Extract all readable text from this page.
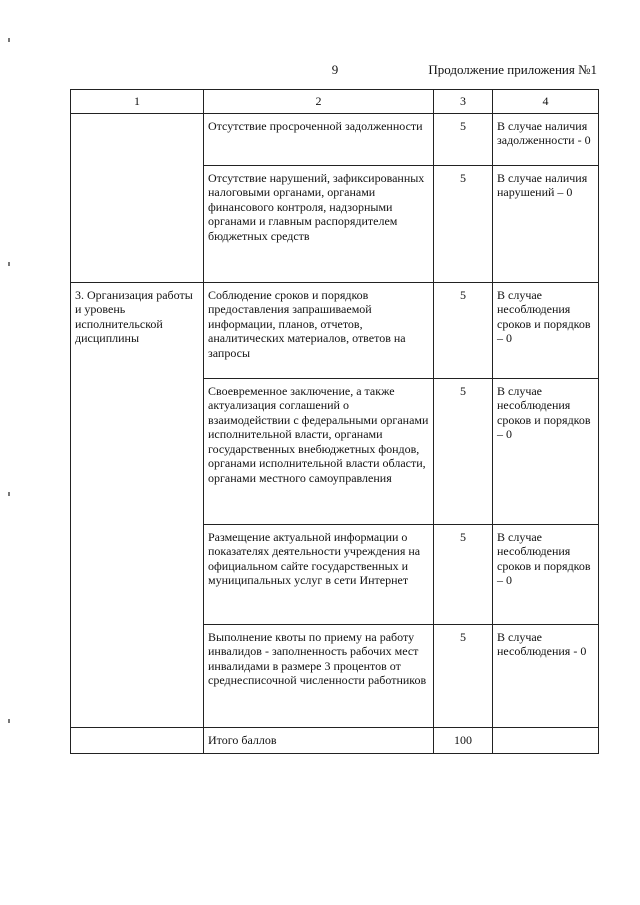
9	Продолжение приложения №1
1	2	3	4
	Отсутствие просроченной задолженности	5	В случае наличия задолженности - 0
	Отсутствие нарушений, зафиксированных налоговыми органами, органами финансового контроля, надзорными органами и главным распорядителем бюджетных средств	5	В случае наличия нарушений – 0
3. Организация работы и уровень исполнительской дисциплины	Соблюдение сроков и порядков предоставления запрашиваемой информации, планов, отчетов, аналитических материалов, ответов на запросы	5	В случае несоблюдения сроков и порядков – 0
	Своевременное заключение, а также актуализация соглашений о взаимодействии с федеральными органами исполнительной власти, органами государственных внебюджетных фондов, органами исполнительной власти области, органами местного самоуправления	5	В случае несоблюдения сроков и порядков – 0
	Размещение актуальной информации о показателях деятельности учреждения на официальном сайте государственных и муниципальных услуг в сети Интернет	5	В случае несоблюдения сроков и порядков – 0
	Выполнение квоты по приему на работу инвалидов - заполненность рабочих мест инвалидами в размере 3 процентов от среднесписочной численности работников	5	В случае несоблюдения - 0
	Итого баллов	100	
